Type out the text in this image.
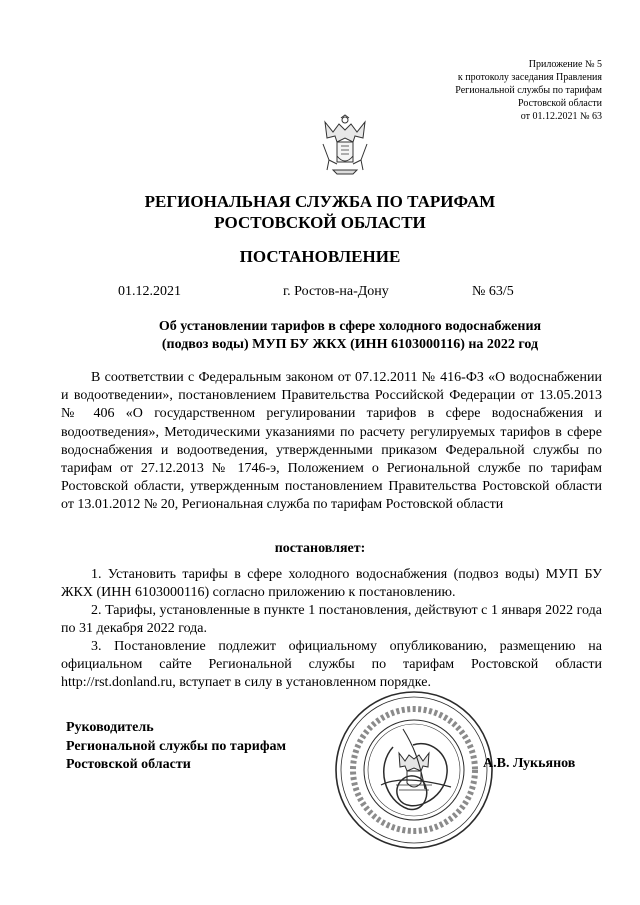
Приложение № 5
к протоколу заседания Правления
Региональной службы по тарифам
Ростовской области
от 01.12.2021 № 63
РЕГИОНАЛЬНАЯ СЛУЖБА ПО ТАРИФАМ
РОСТОВСКОЙ ОБЛАСТИ
ПОСТАНОВЛЕНИЕ
01.12.2021	г. Ростов-на-Дону	№ 63/5
Об установлении тарифов в сфере холодного водоснабжения
(подвоз воды) МУП БУ ЖКХ (ИНН 6103000116) на 2022 год
В соответствии с Федеральным законом от 07.12.2011 № 416-ФЗ «О водоснабжении и водоотведении», постановлением Правительства Российской Федерации от 13.05.2013 № 406 «О государственном регулировании тарифов в сфере водоснабжения и водоотведения», Методическими указаниями по расчету регулируемых тарифов в сфере водоснабжения и водоотведения, утвержденными приказом Федеральной службы по тарифам от 27.12.2013 № 1746-э, Положением о Региональной службе по тарифам Ростовской области, утвержденным постановлением Правительства Ростовской области от 13.01.2012 № 20, Региональная служба по тарифам Ростовской области
постановляет:
1. Установить тарифы в сфере холодного водоснабжения (подвоз воды) МУП БУ ЖКХ (ИНН 6103000116) согласно приложению к постановлению.
2. Тарифы, установленные в пункте 1 постановления, действуют с 1 января 2022 года по 31 декабря 2022 года.
3. Постановление подлежит официальному опубликованию, размещению на официальном сайте Региональной службы по тарифам Ростовской области http://rst.donland.ru, вступает в силу в установленном порядке.
Руководитель
Региональной службы по тарифам
Ростовской области	А.В. Лукьянов
